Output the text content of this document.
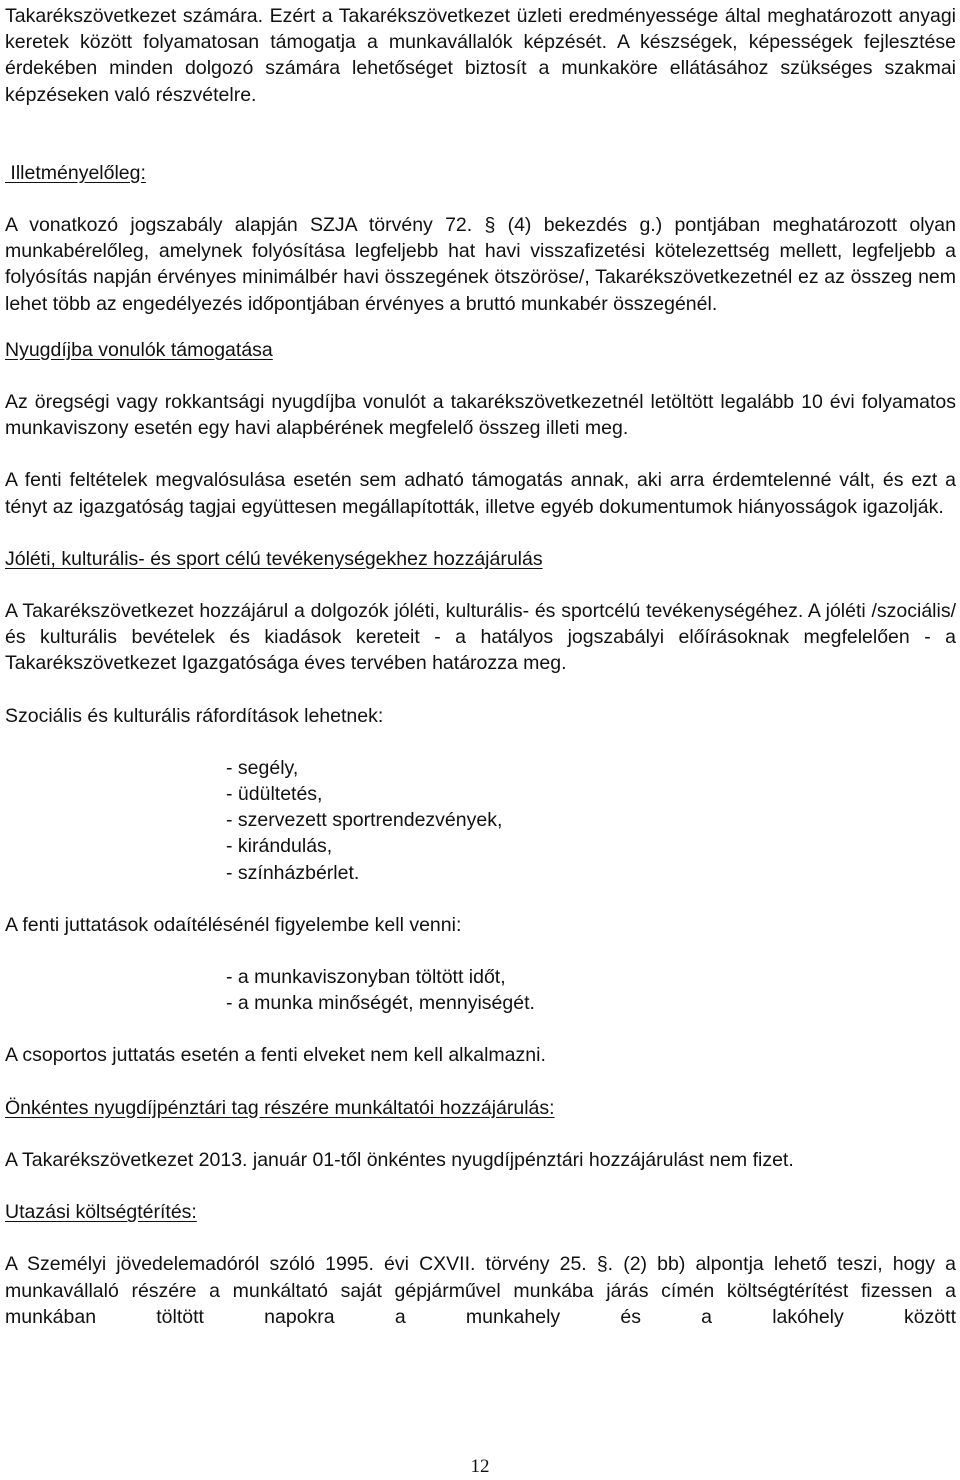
Takarékszövetkezet számára. Ezért a Takarékszövetkezet üzleti eredményessége által meghatározott anyagi keretek között folyamatosan támogatja a munkavállalók képzését. A készségek, képességek fejlesztése érdekében minden dolgozó számára lehetőséget biztosít a munkaköre ellátásához szükséges szakmai képzéseken való részvételre.

Illetményelőleg:

A vonatkozó jogszabály alapján SZJA törvény 72. § (4) bekezdés g.) pontjában meghatározott olyan munkabérelőleg, amelynek folyósítása legfeljebb hat havi visszafizetési kötelezettség mellett, legfeljebb a folyósítás napján érvényes minimálbér havi összegének ötszöröse/, Takarékszövetkezetnél ez az összeg nem lehet több az engedélyezés időpontjában érvényes a bruttó munkabér összegénél.

Nyugdíjba vonulók támogatása

Az öregségi vagy rokkantsági nyugdíjba vonulót a takarékszövetkezetnél letöltött legalább 10 évi folyamatos munkaviszony esetén egy havi alapbérének megfelelő összeg illeti meg.

A fenti feltételek megvalósulása esetén sem adható támogatás annak, aki arra érdemtelenné vált, és ezt a tényt az igazgatóság tagjai együttesen megállapították, illetve egyéb dokumentumok hiányosságok igazolják.

Jóléti, kulturális- és sport célú tevékenységekhez hozzájárulás

A Takarékszövetkezet hozzájárul a dolgozók jóléti, kulturális- és sportcélú tevékenységéhez. A jóléti /szociális/ és kulturális bevételek és kiadások kereteit - a hatályos jogszabályi előírásoknak megfelelően - a Takarékszövetkezet Igazgatósága éves tervében határozza meg.

Szociális és kulturális ráfordítások lehetnek:

- segély,
- üdültetés,
- szervezett sportrendezvények,
- kirándulás,
- színházbérlet.

A fenti juttatások odaítélésénél figyelembe kell venni:

- a munkaviszonyban töltött időt,
- a munka minőségét, mennyiségét.

A csoportos juttatás esetén a fenti elveket nem kell alkalmazni.

Önkéntes nyugdíjpénztári tag részére munkáltatói hozzájárulás:

A Takarékszövetkezet 2013. január 01-től önkéntes nyugdíjpénztári hozzájárulást nem fizet.

Utazási költségtérítés:

A Személyi jövedelemadóról szóló 1995. évi CXVII. törvény 25. §. (2) bb) alpontja lehető teszi, hogy a munkavállaló részére a munkáltató saját gépjárművel munkába járás címén költségtérítést fizessen a munkában töltött napokra a munkahely és a lakóhely között

12
